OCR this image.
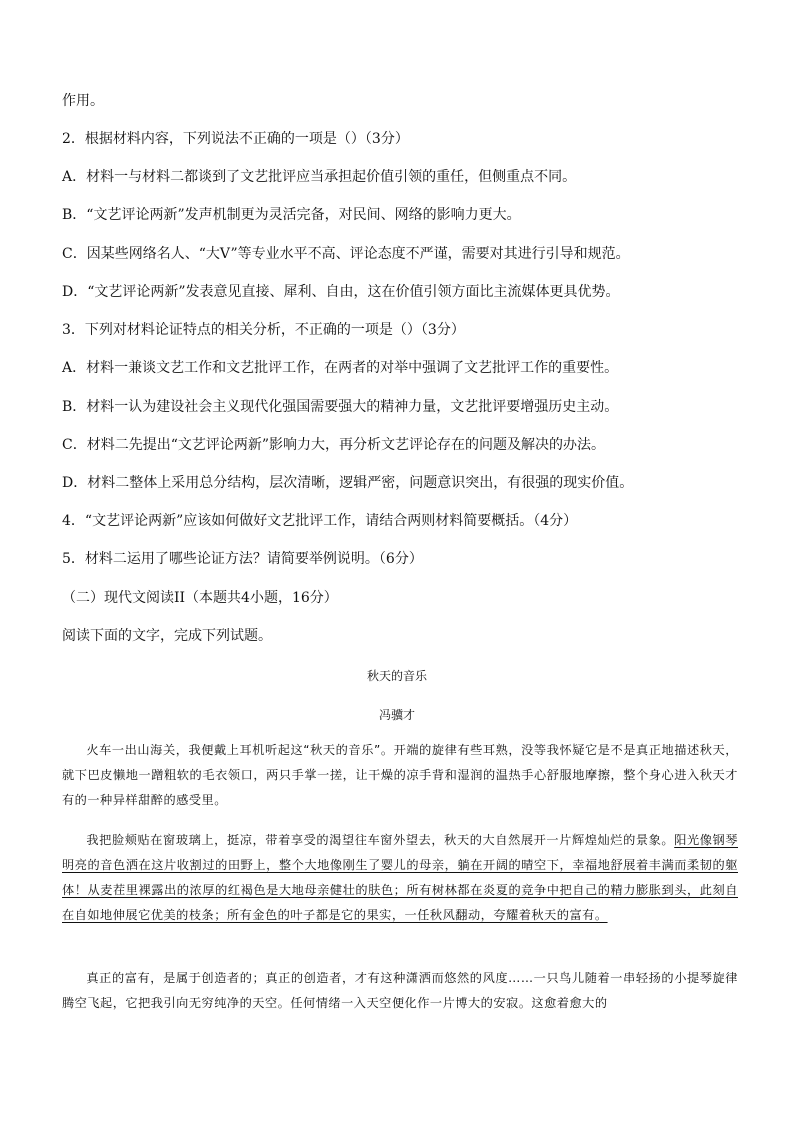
作用。
2．根据材料内容，下列说法不正确的一项是（）（3分）
A．材料一与材料二都谈到了文艺批评应当承担起价值引领的重任，但侧重点不同。
B．“文艺评论两新”发声机制更为灵活完备，对民间、网络的影响力更大。
C．因某些网络名人、“大V”等专业水平不高、评论态度不严谨，需要对其进行引导和规范。
D．“文艺评论两新”发表意见直接、犀利、自由，这在价值引领方面比主流媒体更具优势。
3．下列对材料论证特点的相关分析，不正确的一项是（）（3分）
A．材料一兼谈文艺工作和文艺批评工作，在两者的对举中强调了文艺批评工作的重要性。
B．材料一认为建设社会主义现代化强国需要强大的精神力量，文艺批评要增强历史主动。
C．材料二先提出“文艺评论两新”影响力大，再分析文艺评论存在的问题及解决的办法。
D．材料二整体上采用总分结构，层次清晰，逻辑严密，问题意识突出，有很强的现实价值。
4．“文艺评论两新”应该如何做好文艺批评工作，请结合两则材料简要概括。（4分）
5．材料二运用了哪些论证方法？请简要举例说明。（6分）
（二）现代文阅读II（本题共4小题，16分）
阅读下面的文字，完成下列试题。
秋天的音乐
冯骥才
火车一出山海关，我便戴上耳机听起这“秋天的音乐”。开端的旋律有些耳熟，没等我怀疑它是不是真正地描述秋天，就下巴皮懒地一蹭粗软的毛衣领口，两只手掌一搓，让干燥的凉手背和湿润的温热手心舒服地摩擦，整个身心进入秋天才有的一种异样甜醉的感受里。
我把脸颊贴在窗玻璃上，挺凉，带着享受的渴望往车窗外望去，秋天的大自然展开一片辉煌灿烂的景象。阳光像钢琴明亮的音色洒在这片收割过的田野上，整个大地像刚生了婴儿的母亲，躺在开阔的晴空下，幸福地舒展着丰满而柔韧的躯体！从麦茬里裸露出的浓厚的红褐色是大地母亲健壮的肤色；所有树林都在炎夏的竞争中把自己的精力膨胀到头，此刻自在自如地伸展它优美的枝条；所有金色的叶子都是它的果实，一任秋风翻动，夸耀着秋天的富有。
真正的富有，是属于创造者的；真正的创造者，才有这种潇洒而悠然的风度……一只鸟儿随着一串轻扬的小提琴旋律腾空飞起，它把我引向无穷纯净的天空。任何情绪一入天空便化作一片博大的安寂。这愈着愈大的
